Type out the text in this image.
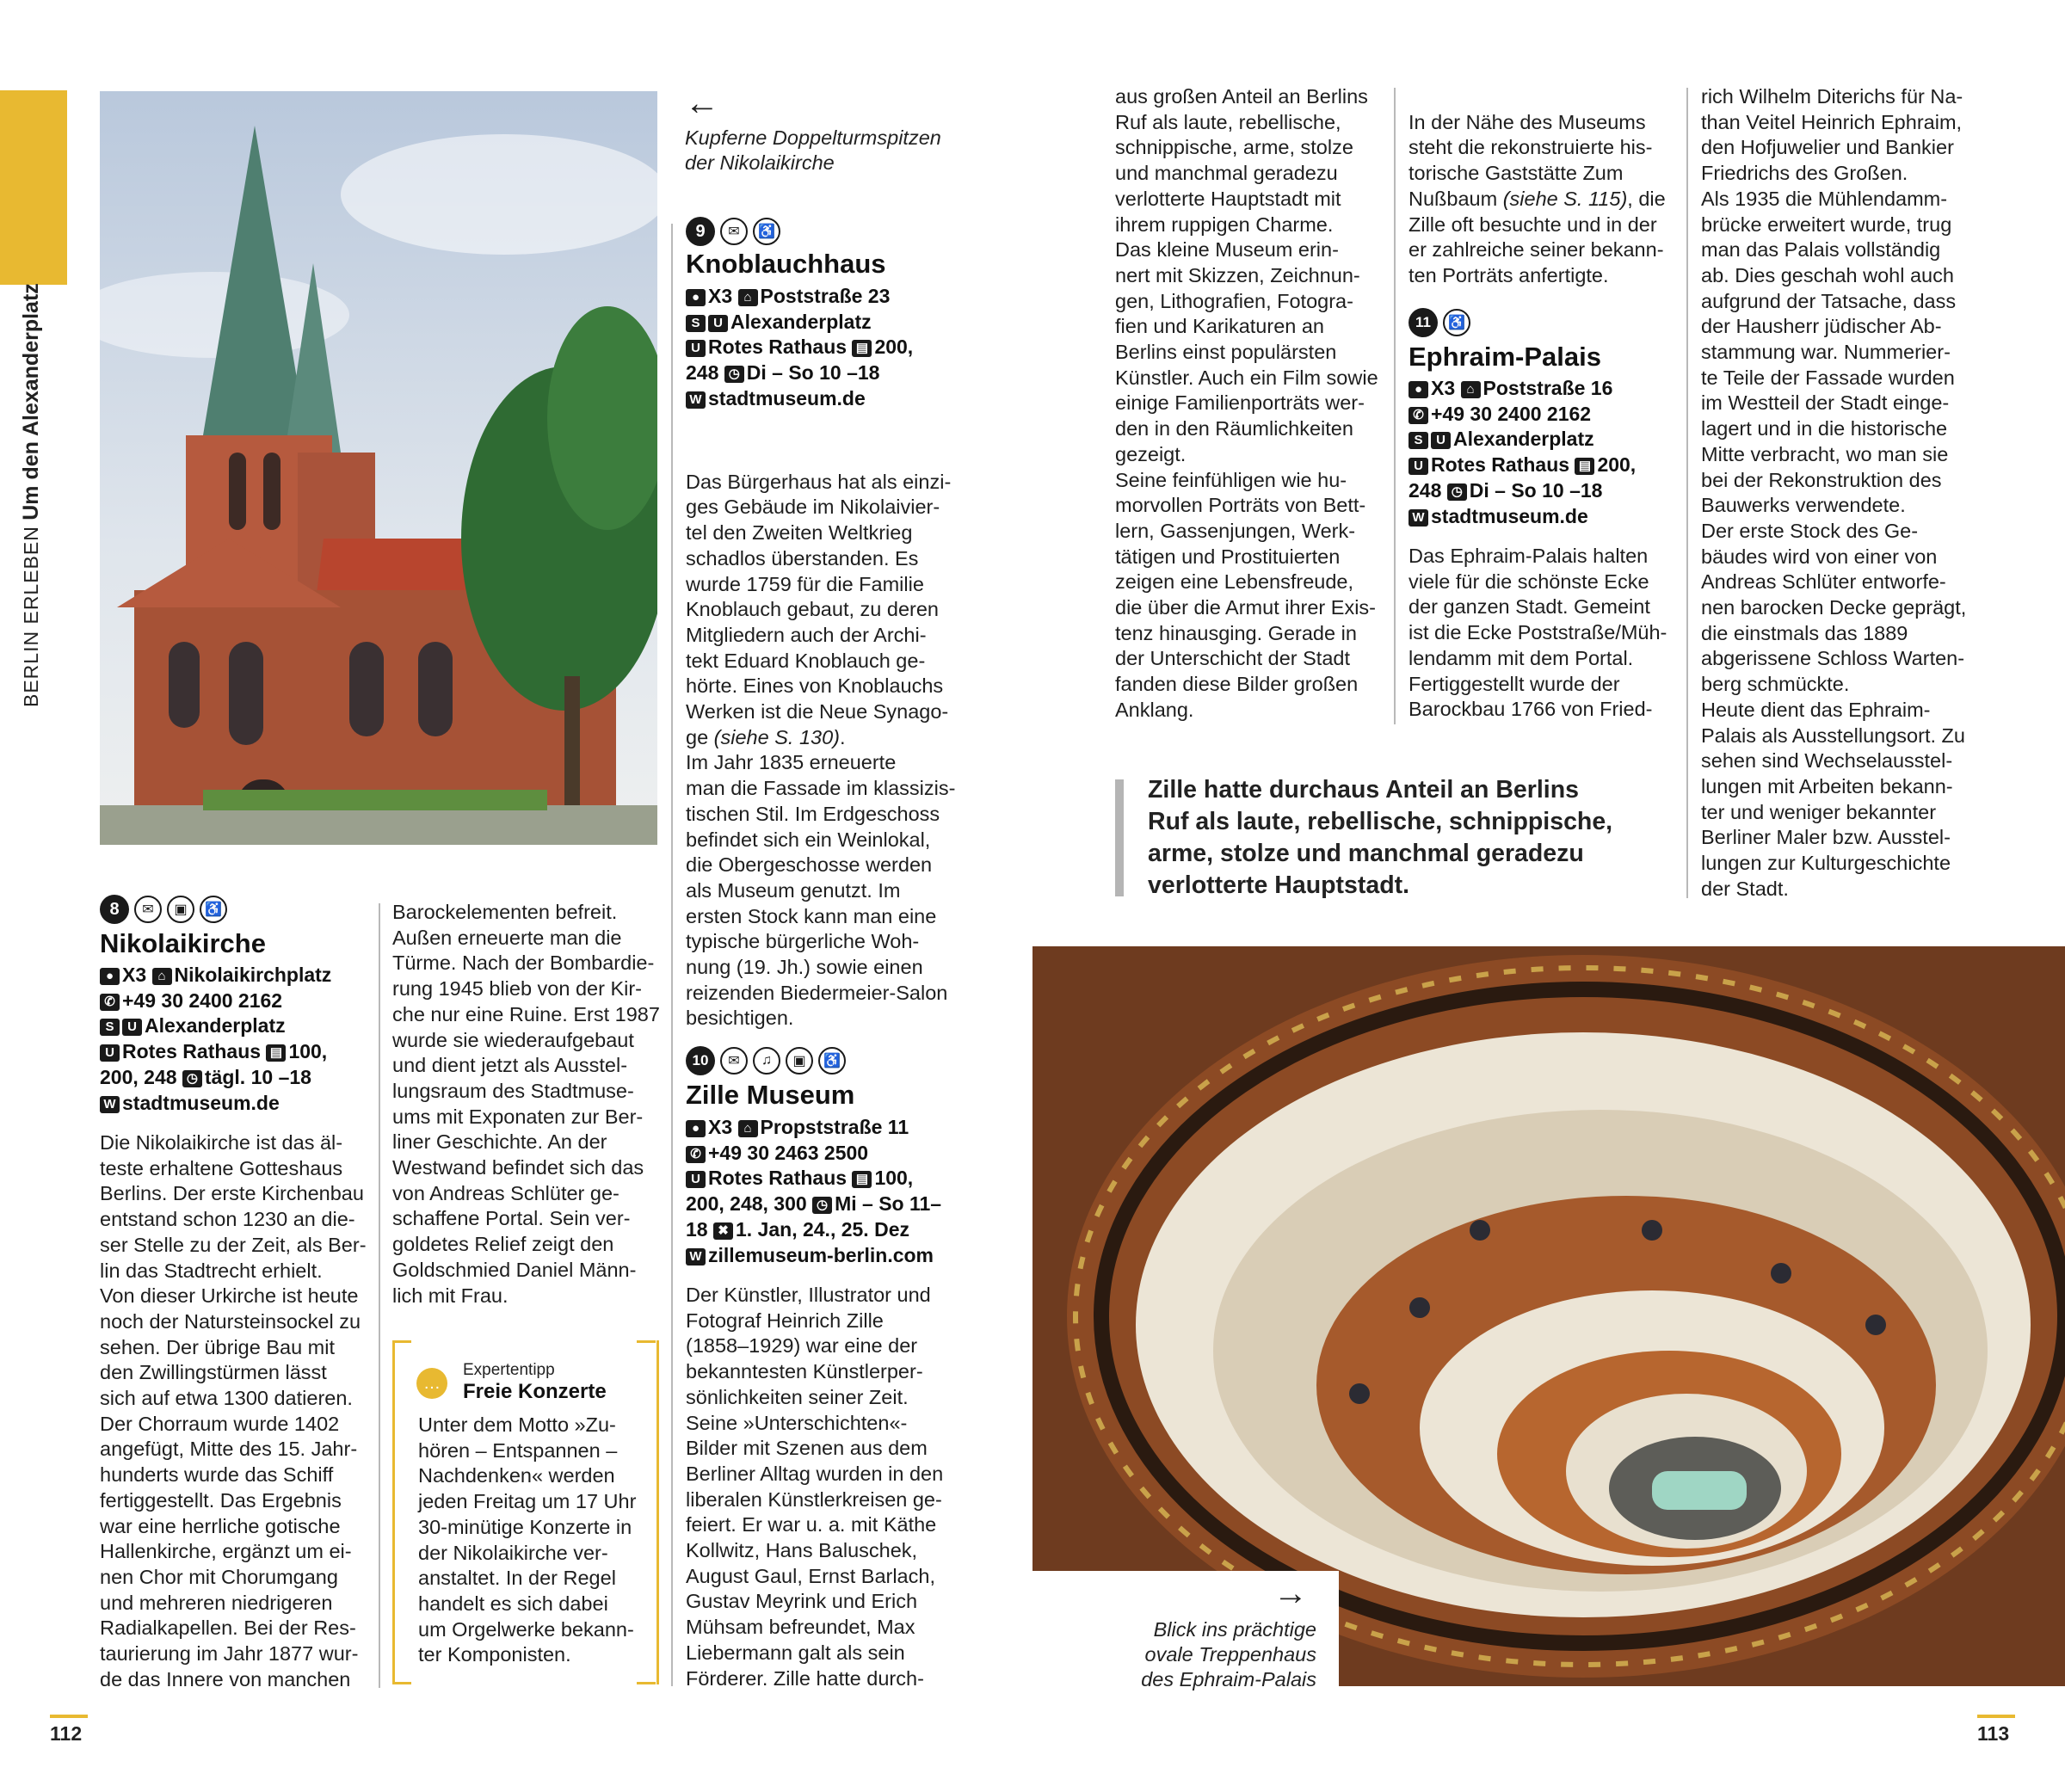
BERLIN ERLEBEN Um den Alexanderplatz
←
Kupferne Doppelturmspitzen
der Nikolaikirche
8	✉	▣	♿
Nikolaikirche
● X3 ⌂ Nikolaikirchplatz
✆ +49 30 2400 2162
S U Alexanderplatz
U Rotes Rathaus ▤ 100,
200, 248 ◷ tägl. 10 –18
W stadtmuseum.de
Die Nikolaikirche ist das äl-
teste erhaltene Gotteshaus
Berlins. Der erste Kirchenbau
entstand schon 1230 an die-
ser Stelle zu der Zeit, als Ber-
lin das Stadtrecht erhielt.
Von dieser Urkirche ist heute
noch der Natursteinsockel zu
sehen. Der übrige Bau mit
den Zwillingstürmen lässt
sich auf etwa 1300 datieren.
Der Chorraum wurde 1402
angefügt, Mitte des 15. Jahr-
hunderts wurde das Schiff
fertiggestellt. Das Ergebnis
war eine herrliche gotische
Hallenkirche, ergänzt um ei-
nen Chor mit Chorumgang
und mehreren niedrigeren
Radialkapellen. Bei der Res-
taurierung im Jahr 1877 wur-
de das Innere von manchen
Barockelementen befreit.
Außen erneuerte man die
Türme. Nach der Bombardie-
rung 1945 blieb von der Kir-
che nur eine Ruine. Erst 1987
wurde sie wiederaufgebaut
und dient jetzt als Ausstel-
lungsraum des Stadtmuse-
ums mit Exponaten zur Ber-
liner Geschichte. An der
Westwand befindet sich das
von Andreas Schlüter ge-
schaffene Portal. Sein ver-
goldetes Relief zeigt den
Goldschmied Daniel Männ-
lich mit Frau.
…
Expertentipp
Freie Konzerte
Unter dem Motto »Zu-
hören – Entspannen –
Nachdenken« werden
jeden Freitag um 17 Uhr
30-minütige Konzerte in
der Nikolaikirche ver-
anstaltet. In der Regel
handelt es sich dabei
um Orgelwerke bekann-
ter Komponisten.
9	✉	♿
Knoblauchhaus
● X3 ⌂ Poststraße 23
S U Alexanderplatz
U Rotes Rathaus ▤ 200,
248 ◷ Di – So 10 –18
W stadtmuseum.de

Das Bürgerhaus hat als einzi-
ges Gebäude im Nikolaivier-
tel den Zweiten Weltkrieg
schadlos überstanden. Es
wurde 1759 für die Familie
Knoblauch gebaut, zu deren
Mitgliedern auch der Archi-
tekt Eduard Knoblauch ge-
hörte. Eines von Knoblauchs
Werken ist die Neue Synago-
ge (siehe S. 130).
Im Jahr 1835 erneuerte
man die Fassade im klassizis-
tischen Stil. Im Erdgeschoss
befindet sich ein Weinlokal,
die Obergeschosse werden
als Museum genutzt. Im
ersten Stock kann man eine
typische bürgerliche Woh-
nung (19. Jh.) sowie einen
reizenden Biedermeier-Salon
besichtigen.

10	✉	♫	▣	♿
Zille Museum
● X3 ⌂ Propststraße 11
✆ +49 30 2463 2500
U Rotes Rathaus ▤ 100,
200, 248, 300 ◷ Mi – So 11–
18 ✖ 1. Jan, 24., 25. Dez
W zillemuseum-berlin.com
Der Künstler, Illustrator und
Fotograf Heinrich Zille
(1858–1929) war eine der
bekanntesten Künstlerper-
sönlichkeiten seiner Zeit.
Seine »Unterschichten«-
Bilder mit Szenen aus dem
Berliner Alltag wurden in den
liberalen Künstlerkreisen ge-
feiert. Er war u. a. mit Käthe
Kollwitz, Hans Baluschek,
August Gaul, Ernst Barlach,
Gustav Meyrink und Erich
Mühsam befreundet, Max
Liebermann galt als sein
Förderer. Zille hatte durch-
aus großen Anteil an Berlins
Ruf als laute, rebellische,
schnippische, arme, stolze
und manchmal geradezu
verlotterte Hauptstadt mit
ihrem ruppigen Charme.
Das kleine Museum erin-
nert mit Skizzen, Zeichnun-
gen, Lithografien, Fotogra-
fien und Karikaturen an
Berlins einst populärsten
Künstler. Auch ein Film sowie
einige Familienporträts wer-
den in den Räumlichkeiten
gezeigt.
Seine feinfühligen wie hu-
morvollen Porträts von Bett-
lern, Gassenjungen, Werk-
tätigen und Prostituierten
zeigen eine Lebensfreude,
die über die Armut ihrer Exis-
tenz hinausging. Gerade in
der Unterschicht der Stadt
fanden diese Bilder großen
Anklang.

In der Nähe des Museums
steht die rekonstruierte his-
torische Gaststätte Zum
Nußbaum (siehe S. 115), die
Zille oft besuchte und in der
er zahlreiche seiner bekann-
ten Porträts anfertigte.

11	♿
Ephraim-Palais
● X3 ⌂ Poststraße 16
✆ +49 30 2400 2162
S U Alexanderplatz
U Rotes Rathaus ▤ 200,
248 ◷ Di – So 10 –18
W stadtmuseum.de
Das Ephraim-Palais halten
viele für die schönste Ecke
der ganzen Stadt. Gemeint
ist die Ecke Poststraße/Müh-
lendamm mit dem Portal.
Fertiggestellt wurde der
Barockbau 1766 von Fried-
rich Wilhelm Diterichs für Na-
than Veitel Heinrich Ephraim,
den Hofjuwelier und Bankier
Friedrichs des Großen.
Als 1935 die Mühlendamm-
brücke erweitert wurde, trug
man das Palais vollständig
ab. Dies geschah wohl auch
aufgrund der Tatsache, dass
der Hausherr jüdischer Ab-
stammung war. Nummerier-
te Teile der Fassade wurden
im Westteil der Stadt einge-
lagert und in die historische
Mitte verbracht, wo man sie
bei der Rekonstruktion des
Bauwerks verwendete.
Der erste Stock des Ge-
bäudes wird von einer von
Andreas Schlüter entworfe-
nen barocken Decke geprägt,
die einstmals das 1889
abgerissene Schloss Warten-
berg schmückte.
Heute dient das Ephraim-
Palais als Ausstellungsort. Zu
sehen sind Wechselausstel-
lungen mit Arbeiten bekann-
ter und weniger bekannter
Berliner Maler bzw. Ausstel-
lungen zur Kulturgeschichte
der Stadt.
Zille hatte durchaus Anteil an Berlins
Ruf als laute, rebellische, schnippische,
arme, stolze und manchmal geradezu
verlotterte Hauptstadt.
→
Blick ins prächtige
ovale Treppenhaus
des Ephraim-Palais
112	113
